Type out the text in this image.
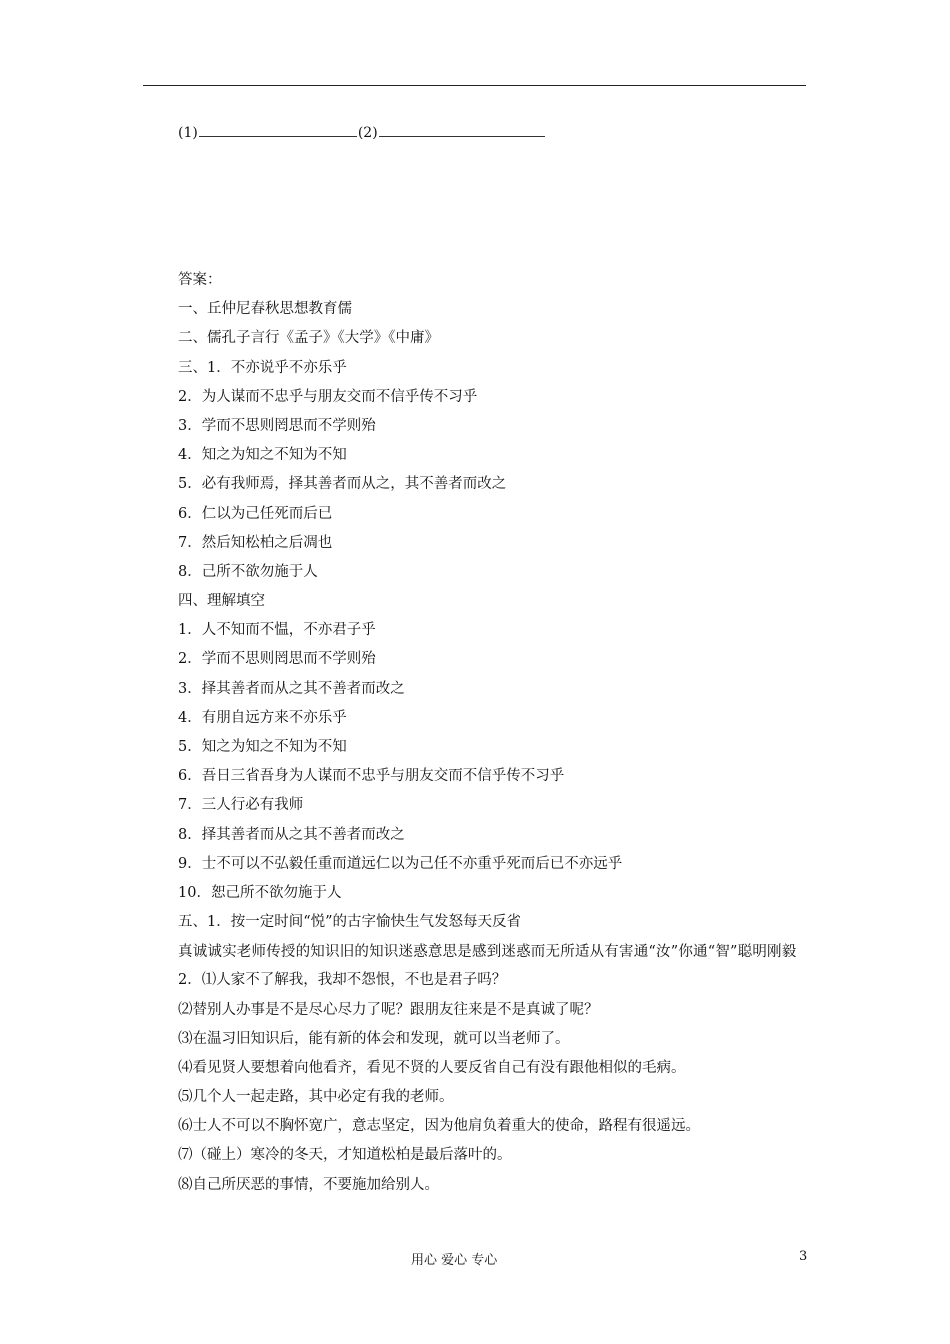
(1)	(2)
答案：
一、丘仲尼春秋思想教育儒
二、儒孔子言行《孟子》《大学》《中庸》
三、1．不亦说乎不亦乐乎
2．为人谋而不忠乎与朋友交而不信乎传不习乎
3．学而不思则罔思而不学则殆
4．知之为知之不知为不知
5．必有我师焉，择其善者而从之，其不善者而改之
6．仁以为己任死而后已
7．然后知松柏之后凋也
8．己所不欲勿施于人
四、理解填空
1．人不知而不愠，不亦君子乎
2．学而不思则罔思而不学则殆
3．择其善者而从之其不善者而改之
4．有朋自远方来不亦乐乎
5．知之为知之不知为不知
6．吾日三省吾身为人谋而不忠乎与朋友交而不信乎传不习乎
7．三人行必有我师
8．择其善者而从之其不善者而改之
9．士不可以不弘毅任重而道远仁以为己任不亦重乎死而后已不亦远乎
10．恕己所不欲勿施于人
五、1．按一定时间“悦”的古字愉快生气发怒每天反省
真诚诚实老师传授的知识旧的知识迷惑意思是感到迷惑而无所适从有害通“汝”你通“智”聪明刚毅
2．⑴人家不了解我，我却不怨恨，不也是君子吗？
⑵替别人办事是不是尽心尽力了呢？跟朋友往来是不是真诚了呢？
⑶在温习旧知识后，能有新的体会和发现，就可以当老师了。
⑷看见贤人要想着向他看齐，看见不贤的人要反省自己有没有跟他相似的毛病。
⑸几个人一起走路，其中必定有我的老师。
⑹士人不可以不胸怀宽广，意志坚定，因为他肩负着重大的使命，路程有很遥远。
⑺（碰上）寒冷的冬天，才知道松柏是最后落叶的。
⑻自己所厌恶的事情，不要施加给别人。
用心 爱心 专心	3
